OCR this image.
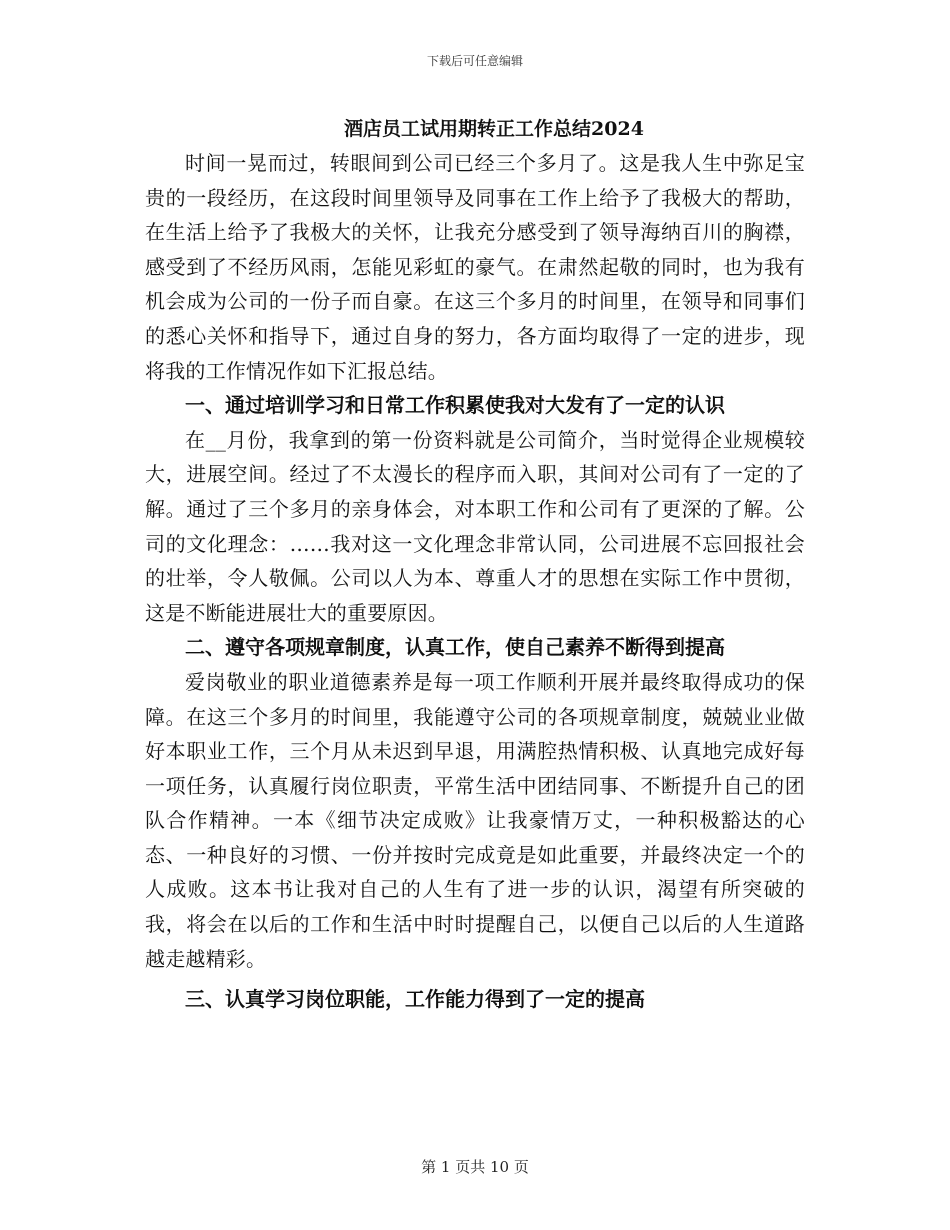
下载后可任意编辑
酒店员工试用期转正工作总结2024

时间一晃而过，转眼间到公司已经三个多月了。这是我人生中弥足宝贵的一段经历，在这段时间里领导及同事在工作上给予了我极大的帮助，在生活上给予了我极大的关怀，让我充分感受到了领导海纳百川的胸襟，感受到了不经历风雨，怎能见彩虹的豪气。在肃然起敬的同时，也为我有机会成为公司的一份子而自豪。在这三个多月的时间里，在领导和同事们的悉心关怀和指导下，通过自身的努力，各方面均取得了一定的进步，现将我的工作情况作如下汇报总结。

一、通过培训学习和日常工作积累使我对大发有了一定的认识

在__月份，我拿到的第一份资料就是公司简介，当时觉得企业规模较大，进展空间。经过了不太漫长的程序而入职，其间对公司有了一定的了解。通过了三个多月的亲身体会，对本职工作和公司有了更深的了解。公司的文化理念：……我对这一文化理念非常认同，公司进展不忘回报社会的壮举，令人敬佩。公司以人为本、尊重人才的思想在实际工作中贯彻，这是不断能进展壮大的重要原因。

二、遵守各项规章制度，认真工作，使自己素养不断得到提高

爱岗敬业的职业道德素养是每一项工作顺利开展并最终取得成功的保障。在这三个多月的时间里，我能遵守公司的各项规章制度，兢兢业业做好本职业工作，三个月从未迟到早退，用满腔热情积极、认真地完成好每一项任务，认真履行岗位职责，平常生活中团结同事、不断提升自己的团队合作精神。一本《细节决定成败》让我豪情万丈，一种积极豁达的心态、一种良好的习惯、一份并按时完成竟是如此重要，并最终决定一个的人成败。这本书让我对自己的人生有了进一步的认识，渴望有所突破的我，将会在以后的工作和生活中时时提醒自己，以便自己以后的人生道路越走越精彩。

三、认真学习岗位职能，工作能力得到了一定的提高

第 1 页共 10 页
